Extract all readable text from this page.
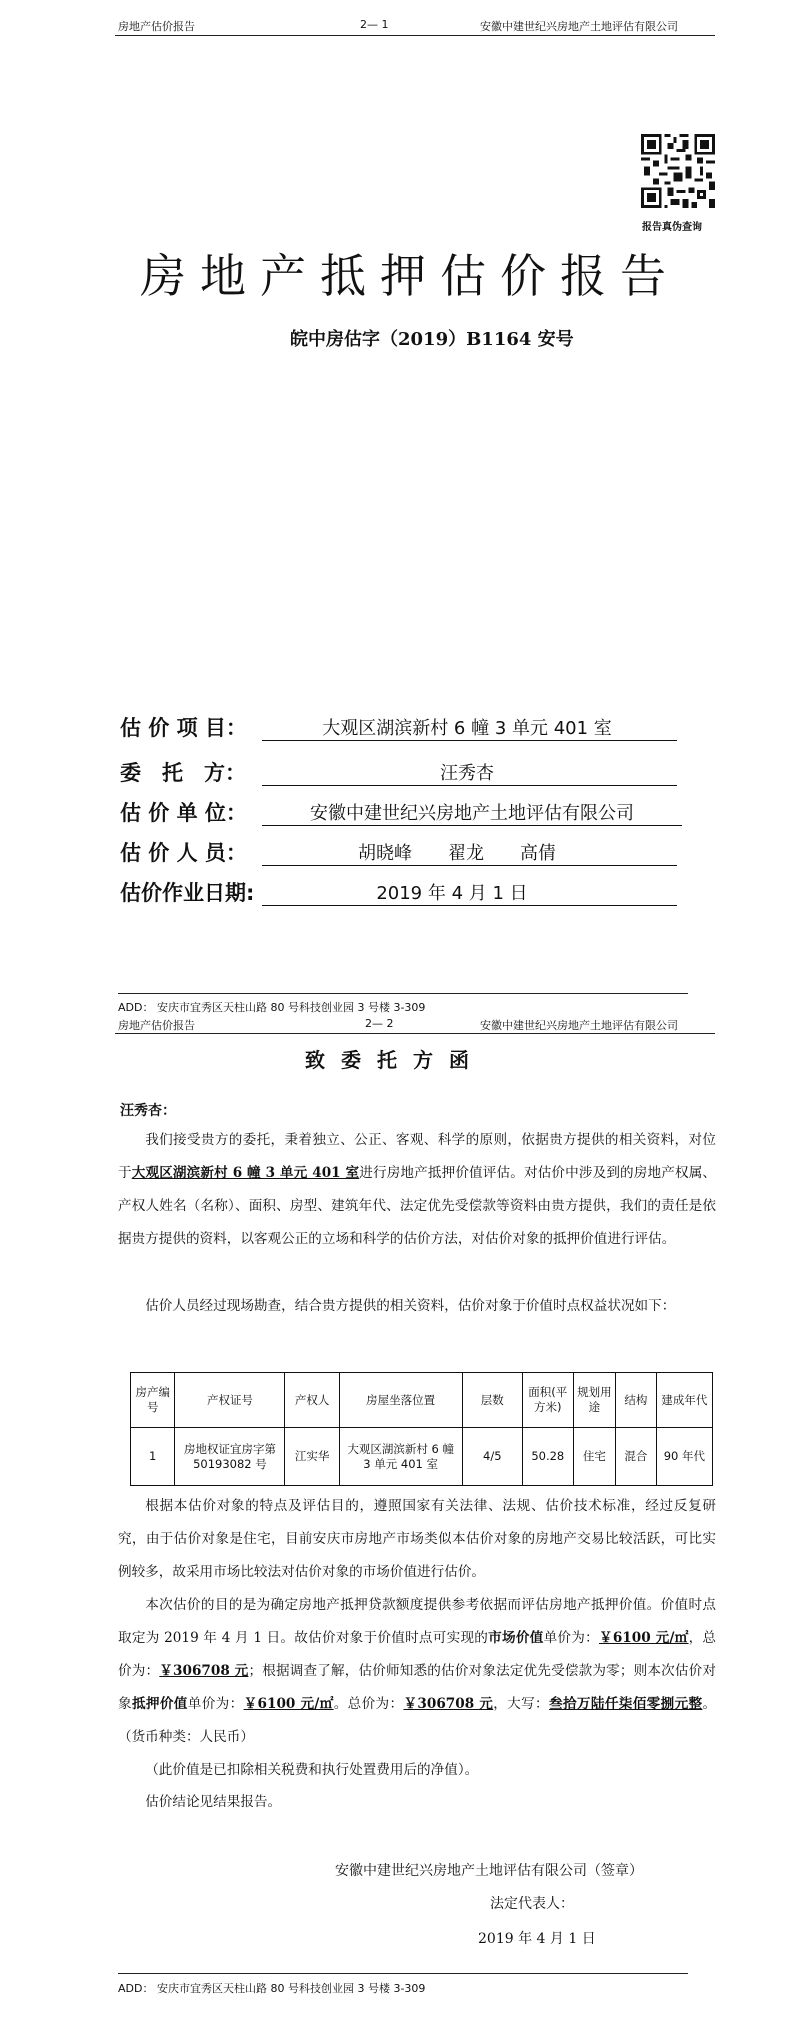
房地产估价报告	2— 1	安徽中建世纪兴房地产土地评估有限公司
报告真伪查询
房地产抵押估价报告
皖中房估字（2019）B1164 安号
估 价 项 目：	大观区湖滨新村 6 幢 3 单元 401 室
委　托　方：	汪秀杏
估 价 单 位：	安徽中建世纪兴房地产土地评估有限公司
估 价 人 员：	胡晓峰　　翟龙　　高倩
估价作业日期:	2019 年 4 月 1 日
ADD： 安庆市宜秀区天柱山路 80 号科技创业园 3 号楼 3-309
房地产估价报告	2— 2	安徽中建世纪兴房地产土地评估有限公司
致委托方函
汪秀杏：
我们接受贵方的委托，秉着独立、公正、客观、科学的原则，依据贵方提供的相关资料，对位于大观区湖滨新村 6 幢 3 单元 401 室进行房地产抵押价值评估。对估价中涉及到的房地产权属、产权人姓名（名称）、面积、房型、建筑年代、法定优先受偿款等资料由贵方提供，我们的责任是依据贵方提供的资料，以客观公正的立场和科学的估价方法，对估价对象的抵押价值进行评估。
估价人员经过现场勘查，结合贵方提供的相关资料，估价对象于价值时点权益状况如下：
房产编号	产权证号	产权人	房屋坐落位置	层数	面积(平方米)	规划用途	结构	建成年代
1	房地权证宜房字第 50193082 号	江实华	大观区湖滨新村 6 幢 3 单元 401 室	4/5	50.28	住宅	混合	90 年代
根据本估价对象的特点及评估目的，遵照国家有关法律、法规、估价技术标准，经过反复研究，由于估价对象是住宅，目前安庆市房地产市场类似本估价对象的房地产交易比较活跃，可比实例较多，故采用市场比较法对估价对象的市场价值进行估价。
本次估价的目的是为确定房地产抵押贷款额度提供参考依据而评估房地产抵押价值。价值时点取定为 2019 年 4 月 1 日。故估价对象于价值时点可实现的市场价值单价为：￥6100 元/㎡，总价为：￥306708 元；根据调查了解，估价师知悉的估价对象法定优先受偿款为零；则本次估价对象抵押价值单价为：￥6100 元/㎡。总价为：￥306708 元，大写：叁拾万陆仟柒佰零捌元整。（货币种类：人民币）
（此价值是已扣除相关税费和执行处置费用后的净值）。
估价结论见结果报告。
安徽中建世纪兴房地产土地评估有限公司（签章）
法定代表人：
2019 年 4 月 1 日
ADD： 安庆市宜秀区天柱山路 80 号科技创业园 3 号楼 3-309
